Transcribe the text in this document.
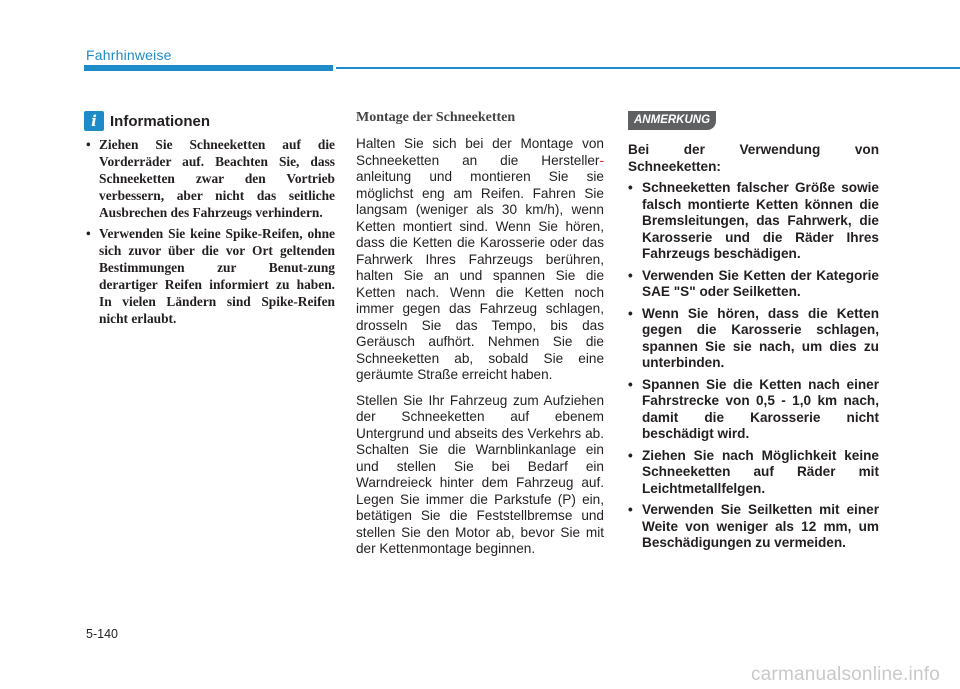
Fahrhinweise
i Informationen
• Ziehen Sie Schneeketten auf die Vorderräder auf. Beachten Sie, dass Schneeketten zwar den Vortrieb verbessern, aber nicht das seitliche Ausbrechen des Fahrzeugs verhindern.
• Verwenden Sie keine Spike-Reifen, ohne sich zuvor über die vor Ort geltenden Bestimmungen zur Benut-zung derartiger Reifen informiert zu haben. In vielen Ländern sind Spike-Reifen nicht erlaubt.
Montage der Schneeketten

Halten Sie sich bei der Montage von Schneeketten an die Hersteller- anleitung und montieren Sie sie möglichst eng am Reifen. Fahren Sie langsam (weniger als 30 km/h), wenn Ketten montiert sind. Wenn Sie hören, dass die Ketten die Karosserie oder das Fahrwerk Ihres Fahrzeugs berühren, halten Sie an und spannen Sie die Ketten nach. Wenn die Ketten noch immer gegen das Fahrzeug schlagen, drosseln Sie das Tempo, bis das Geräusch aufhört. Nehmen Sie die Schneeketten ab, sobald Sie eine geräumte Straße erreicht haben.

Stellen Sie Ihr Fahrzeug zum Aufziehen der Schneeketten auf ebenem Untergrund und abseits des Verkehrs ab. Schalten Sie die Warnblinkanlage ein und stellen Sie bei Bedarf ein Warndreieck hinter dem Fahrzeug auf. Legen Sie immer die Parkstufe (P) ein, betätigen Sie die Feststellbremse und stellen Sie den Motor ab, bevor Sie mit der Kettenmontage beginnen.

ANMERKUNG

Bei der Verwendung von Schneeketten:

• Schneeketten falscher Größe sowie falsch montierte Ketten können die Bremsleitungen, das Fahrwerk, die Karosserie und die Räder Ihres Fahrzeugs beschädigen.
• Verwenden Sie Ketten der Kategorie SAE "S" oder Seilketten.
• Wenn Sie hören, dass die Ketten gegen die Karosserie schlagen, spannen Sie sie nach, um dies zu unterbinden.
• Spannen Sie die Ketten nach einer Fahrstrecke von 0,5 - 1,0 km nach, damit die Karosserie nicht beschädigt wird.
• Ziehen Sie nach Möglichkeit keine Schneeketten auf Räder mit Leichtmetallfelgen.
• Verwenden Sie Seilketten mit einer Weite von weniger als 12 mm, um Beschädigungen zu vermeiden.
5-140
carmanualsonline.info
